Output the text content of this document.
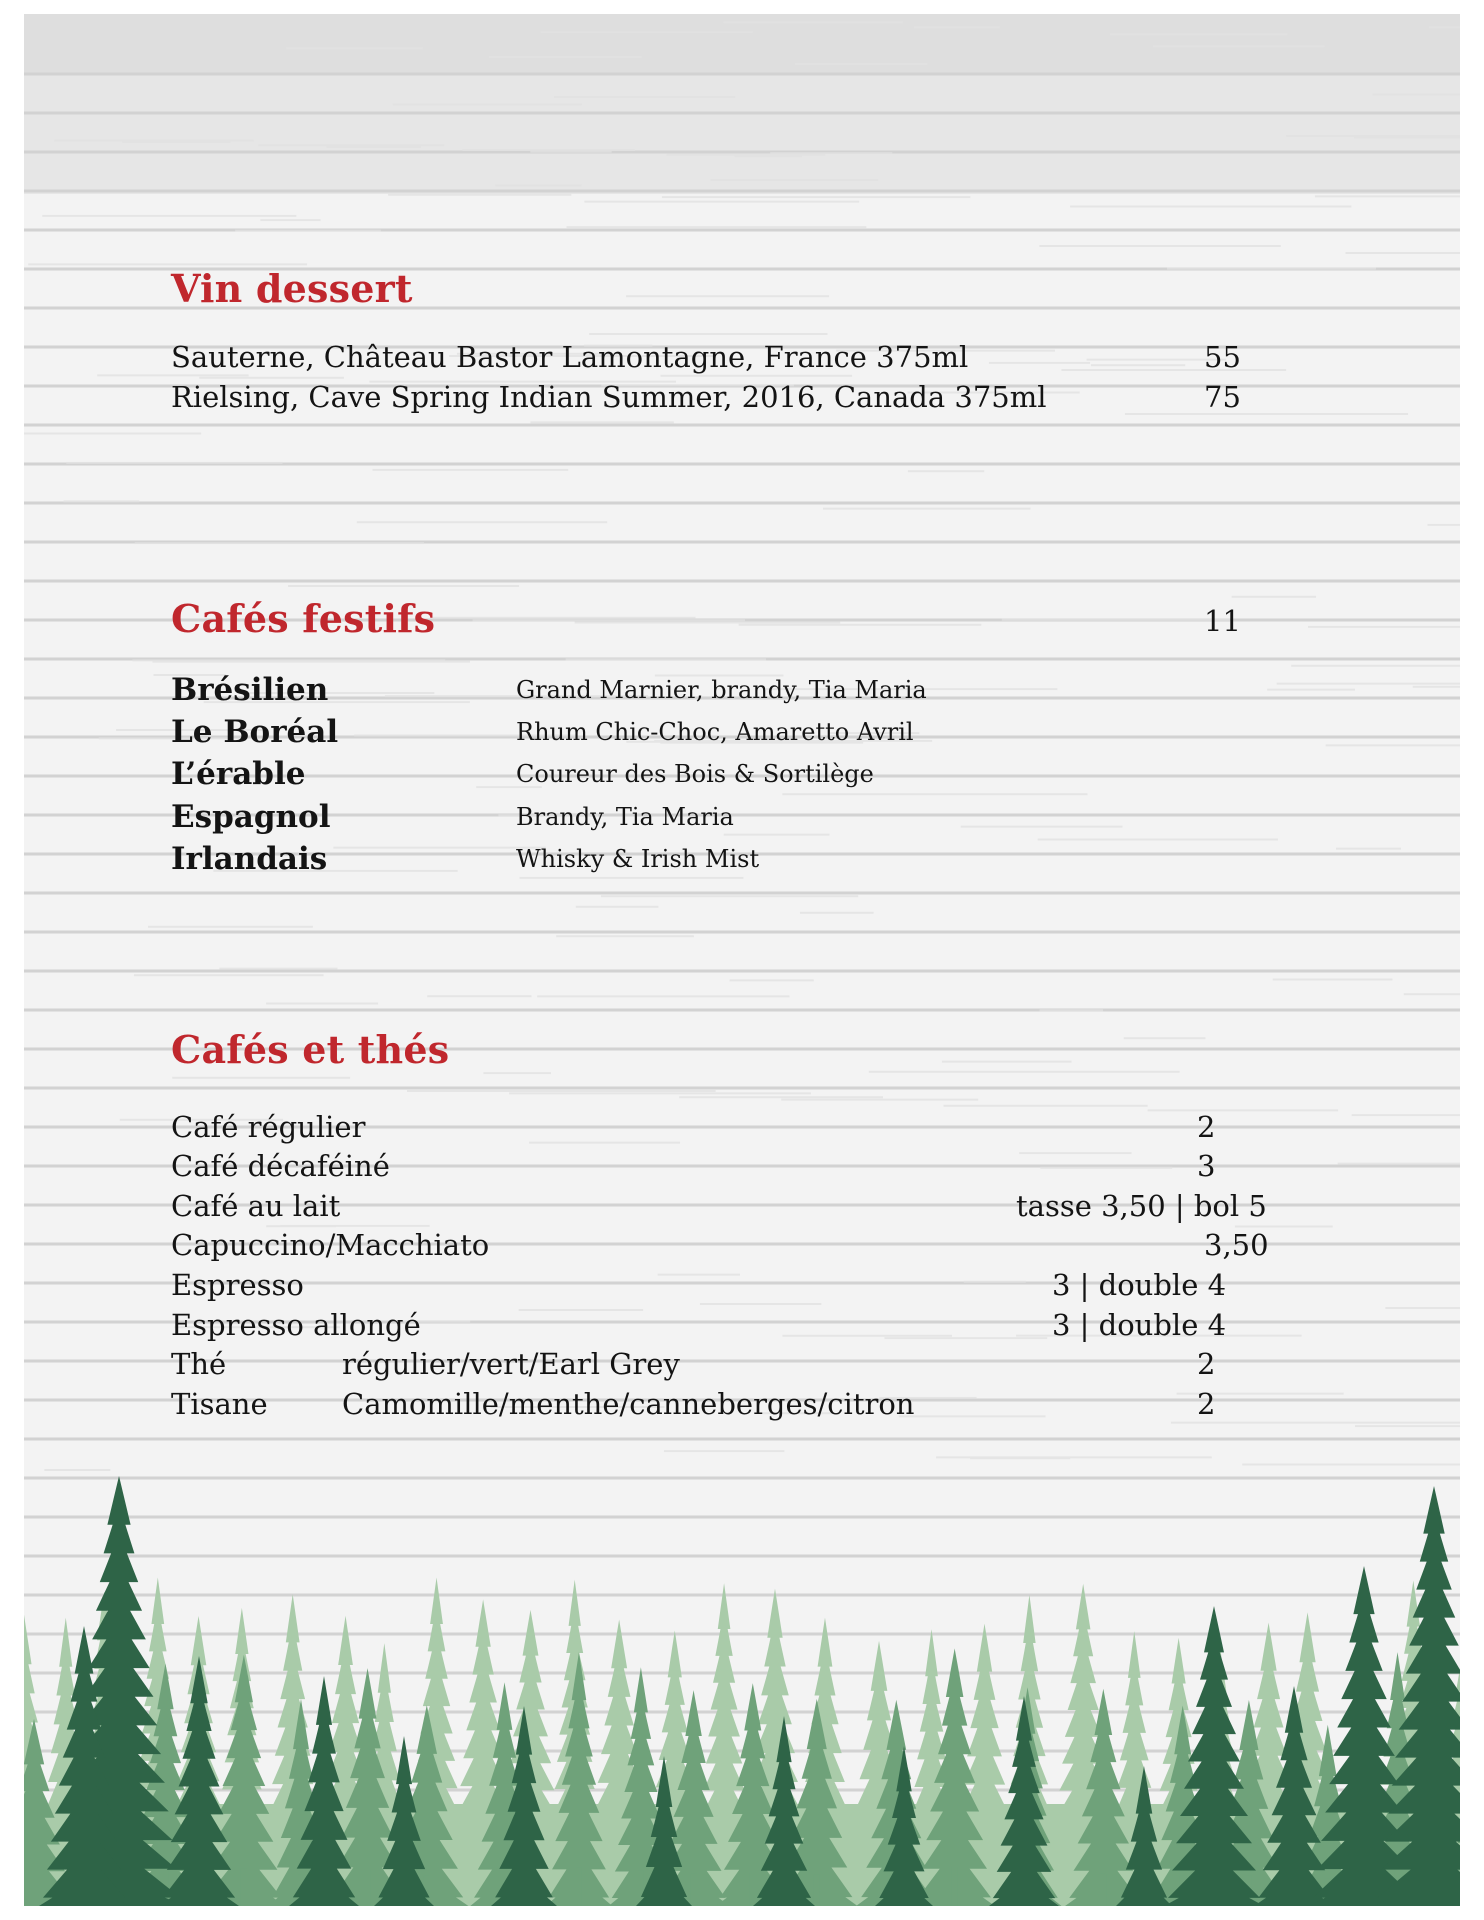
Vin dessert
Sauterne, Château Bastor Lamontagne, France 375ml	55
Rielsing, Cave Spring Indian Summer, 2016, Canada 375ml	75
Cafés festifs	11
Brésilien	Grand Marnier, brandy, Tia Maria
Le Boréal	Rhum Chic-Choc, Amaretto Avril
L’érable	Coureur des Bois & Sortilège
Espagnol	Brandy, Tia Maria
Irlandais	Whisky & Irish Mist
Cafés et thés
Café régulier	2
Café décaféiné	3
Café au lait	tasse 3,50 | bol 5
Capuccino/Macchiato	3,50
Espresso	3 | double 4
Espresso allongé	3 | double 4
Thé	régulier/vert/Earl Grey	2
Tisane	Camomille/menthe/canneberges/citron	2
